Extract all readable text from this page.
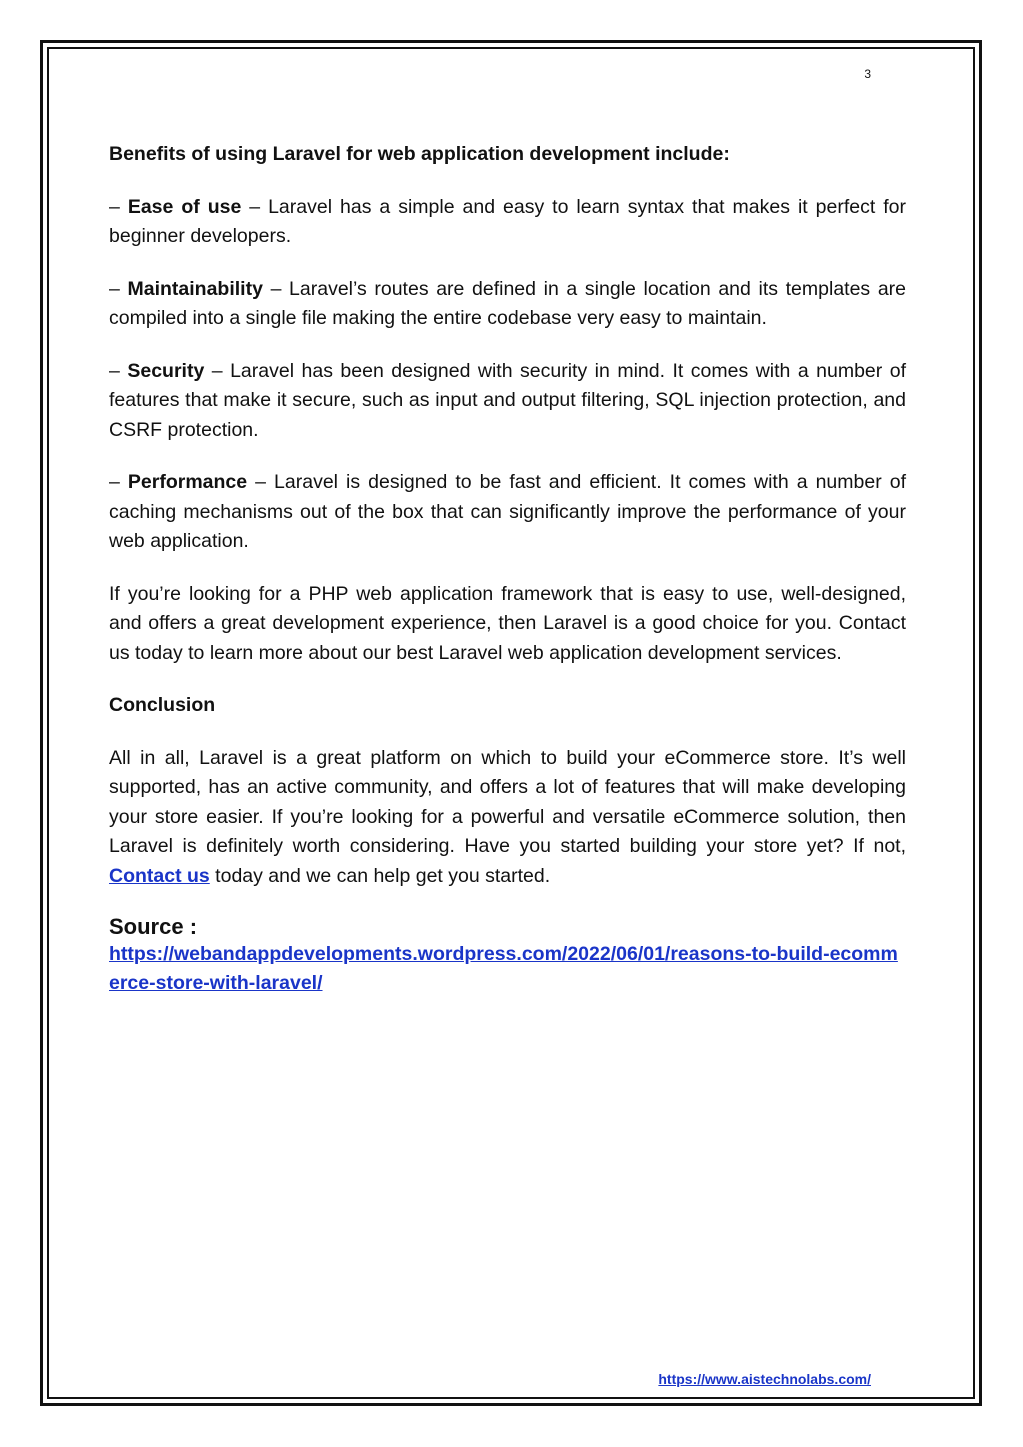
3
Benefits of using Laravel for web application development include:

– Ease of use – Laravel has a simple and easy to learn syntax that makes it perfect for beginner developers.

– Maintainability – Laravel’s routes are defined in a single location and its templates are compiled into a single file making the entire codebase very easy to maintain.

– Security – Laravel has been designed with security in mind. It comes with a number of features that make it secure, such as input and output filtering, SQL injection protection, and CSRF protection.

– Performance – Laravel is designed to be fast and efficient. It comes with a number of caching mechanisms out of the box that can significantly improve the performance of your web application.

If you’re looking for a PHP web application framework that is easy to use, well-designed, and offers a great development experience, then Laravel is a good choice for you. Contact us today to learn more about our best Laravel web application development services.

Conclusion

All in all, Laravel is a great platform on which to build your eCommerce store. It’s well supported, has an active community, and offers a lot of features that will make developing your store easier. If you’re looking for a powerful and versatile eCommerce solution, then Laravel is definitely worth considering. Have you started building your store yet? If not, Contact us today and we can help get you started.

Source :
https://webandappdevelopments.wordpress.com/2022/06/01/reasons-to-build-ecommerce-store-with-laravel/
https://www.aistechnolabs.com/
